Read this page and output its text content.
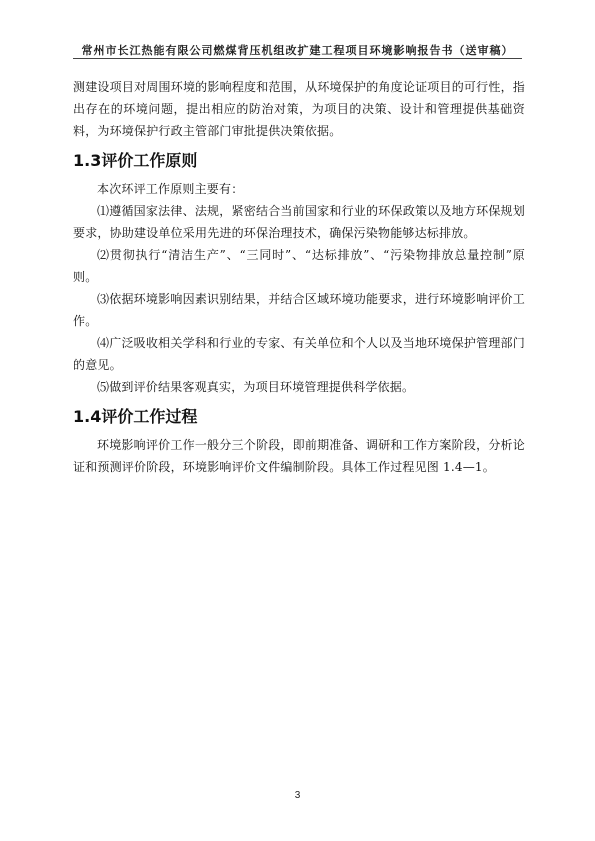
常州市长江热能有限公司燃煤背压机组改扩建工程项目环境影响报告书（送审稿）

测建设项目对周围环境的影响程度和范围，从环境保护的角度论证项目的可行性，指出存在的环境问题，提出相应的防治对策，为项目的决策、设计和管理提供基础资料，为环境保护行政主管部门审批提供决策依据。

1.3评价工作原则

本次环评工作原则主要有：

⑴遵循国家法律、法规，紧密结合当前国家和行业的环保政策以及地方环保规划要求，协助建设单位采用先进的环保治理技术，确保污染物能够达标排放。

⑵贯彻执行“清洁生产”、“三同时”、“达标排放”、“污染物排放总量控制”原则。

⑶依据环境影响因素识别结果，并结合区域环境功能要求，进行环境影响评价工作。

⑷广泛吸收相关学科和行业的专家、有关单位和个人以及当地环境保护管理部门的意见。

⑸做到评价结果客观真实，为项目环境管理提供科学依据。

1.4评价工作过程

环境影响评价工作一般分三个阶段，即前期准备、调研和工作方案阶段，分析论证和预测评价阶段，环境影响评价文件编制阶段。具体工作过程见图 1.4—1。

3
